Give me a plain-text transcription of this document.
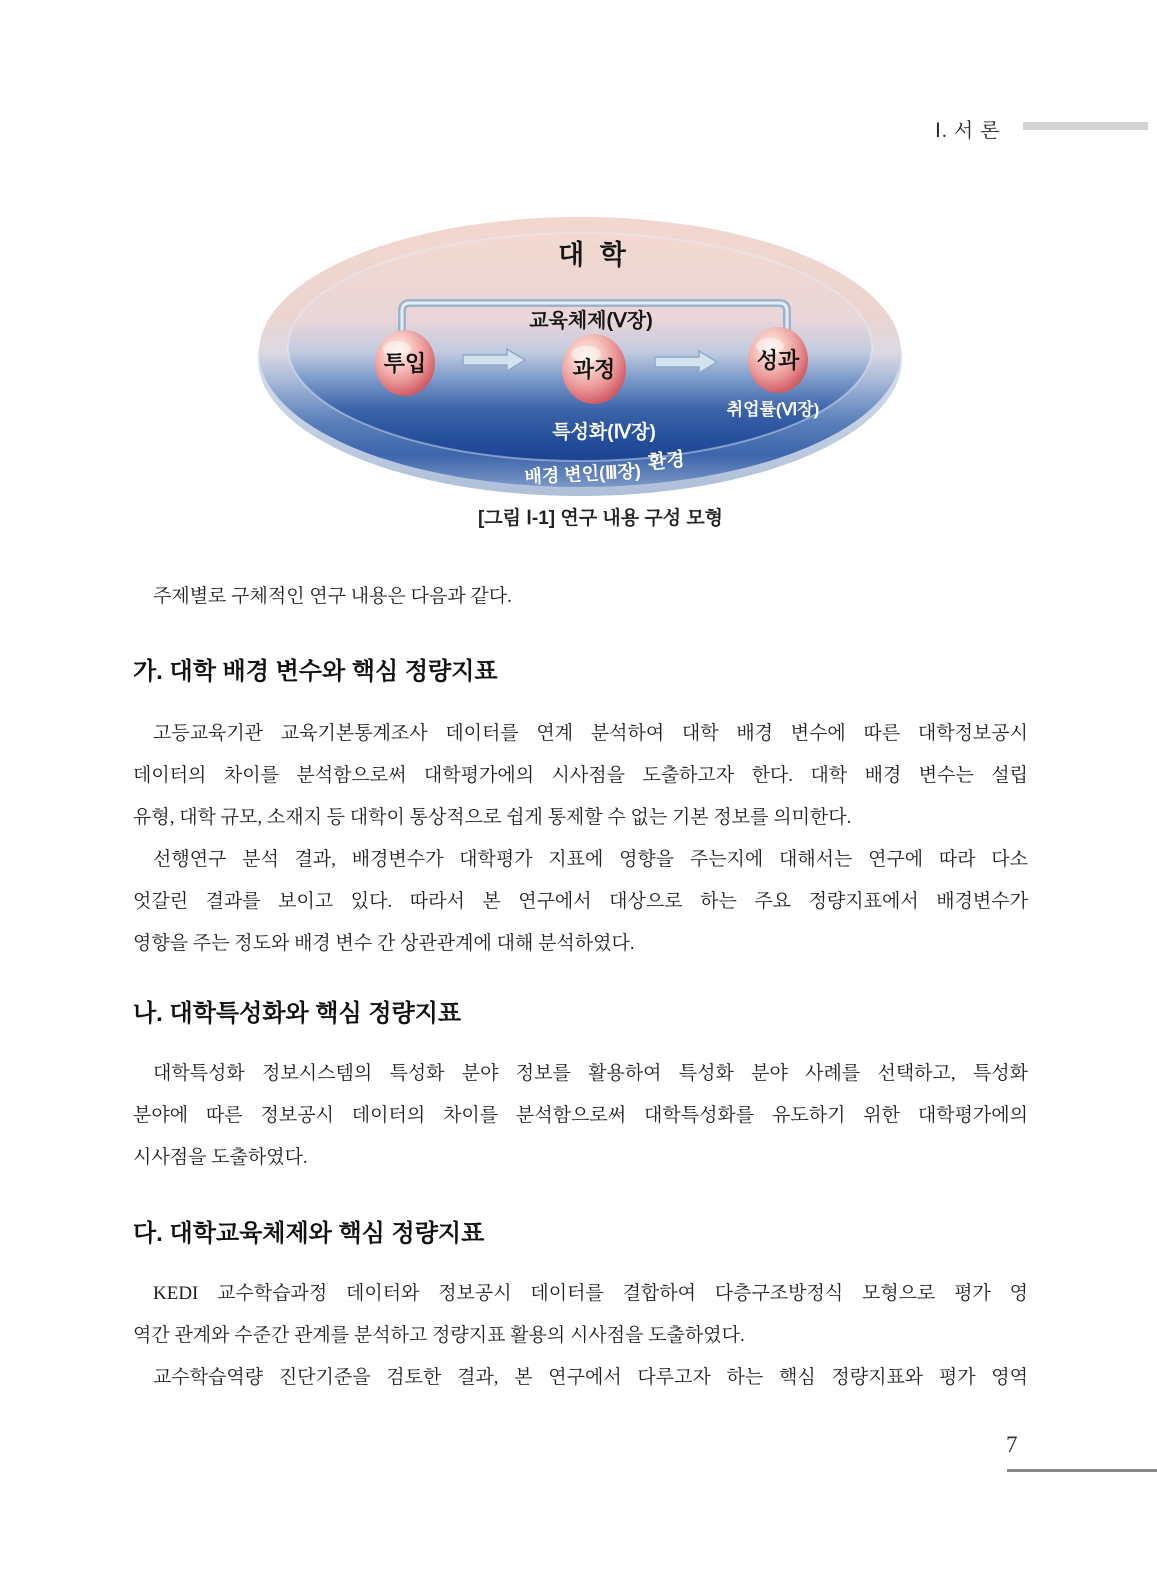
Ⅰ. 서 론
대 학
교육체제(Ⅴ장)
투입	과정	성과
취업률(Ⅵ장)
특성화(Ⅳ장)
환경
배경 변인(Ⅲ장)
[그림 Ⅰ-1] 연구 내용 구성 모형
주제별로 구체적인 연구 내용은 다음과 같다.
가. 대학 배경 변수와 핵심 정량지표
고등교육기관 교육기본통계조사 데이터를 연계 분석하여 대학 배경 변수에 따른 대학정보공시
데이터의 차이를 분석함으로써 대학평가에의 시사점을 도출하고자 한다. 대학 배경 변수는 설립
유형, 대학 규모, 소재지 등 대학이 통상적으로 쉽게 통제할 수 없는 기본 정보를 의미한다.
선행연구 분석 결과, 배경변수가 대학평가 지표에 영향을 주는지에 대해서는 연구에 따라 다소
엇갈린 결과를 보이고 있다. 따라서 본 연구에서 대상으로 하는 주요 정량지표에서 배경변수가
영향을 주는 정도와 배경 변수 간 상관관계에 대해 분석하였다.
나. 대학특성화와 핵심 정량지표
대학특성화 정보시스템의 특성화 분야 정보를 활용하여 특성화 분야 사례를 선택하고, 특성화
분야에 따른 정보공시 데이터의 차이를 분석함으로써 대학특성화를 유도하기 위한 대학평가에의
시사점을 도출하였다.
다. 대학교육체제와 핵심 정량지표
KEDI 교수학습과정 데이터와 정보공시 데이터를 결합하여 다층구조방정식 모형으로 평가 영
역간 관계와 수준간 관계를 분석하고 정량지표 활용의 시사점을 도출하였다.
교수학습역량 진단기준을 검토한 결과, 본 연구에서 다루고자 하는 핵심 정량지표와 평가 영역
7
